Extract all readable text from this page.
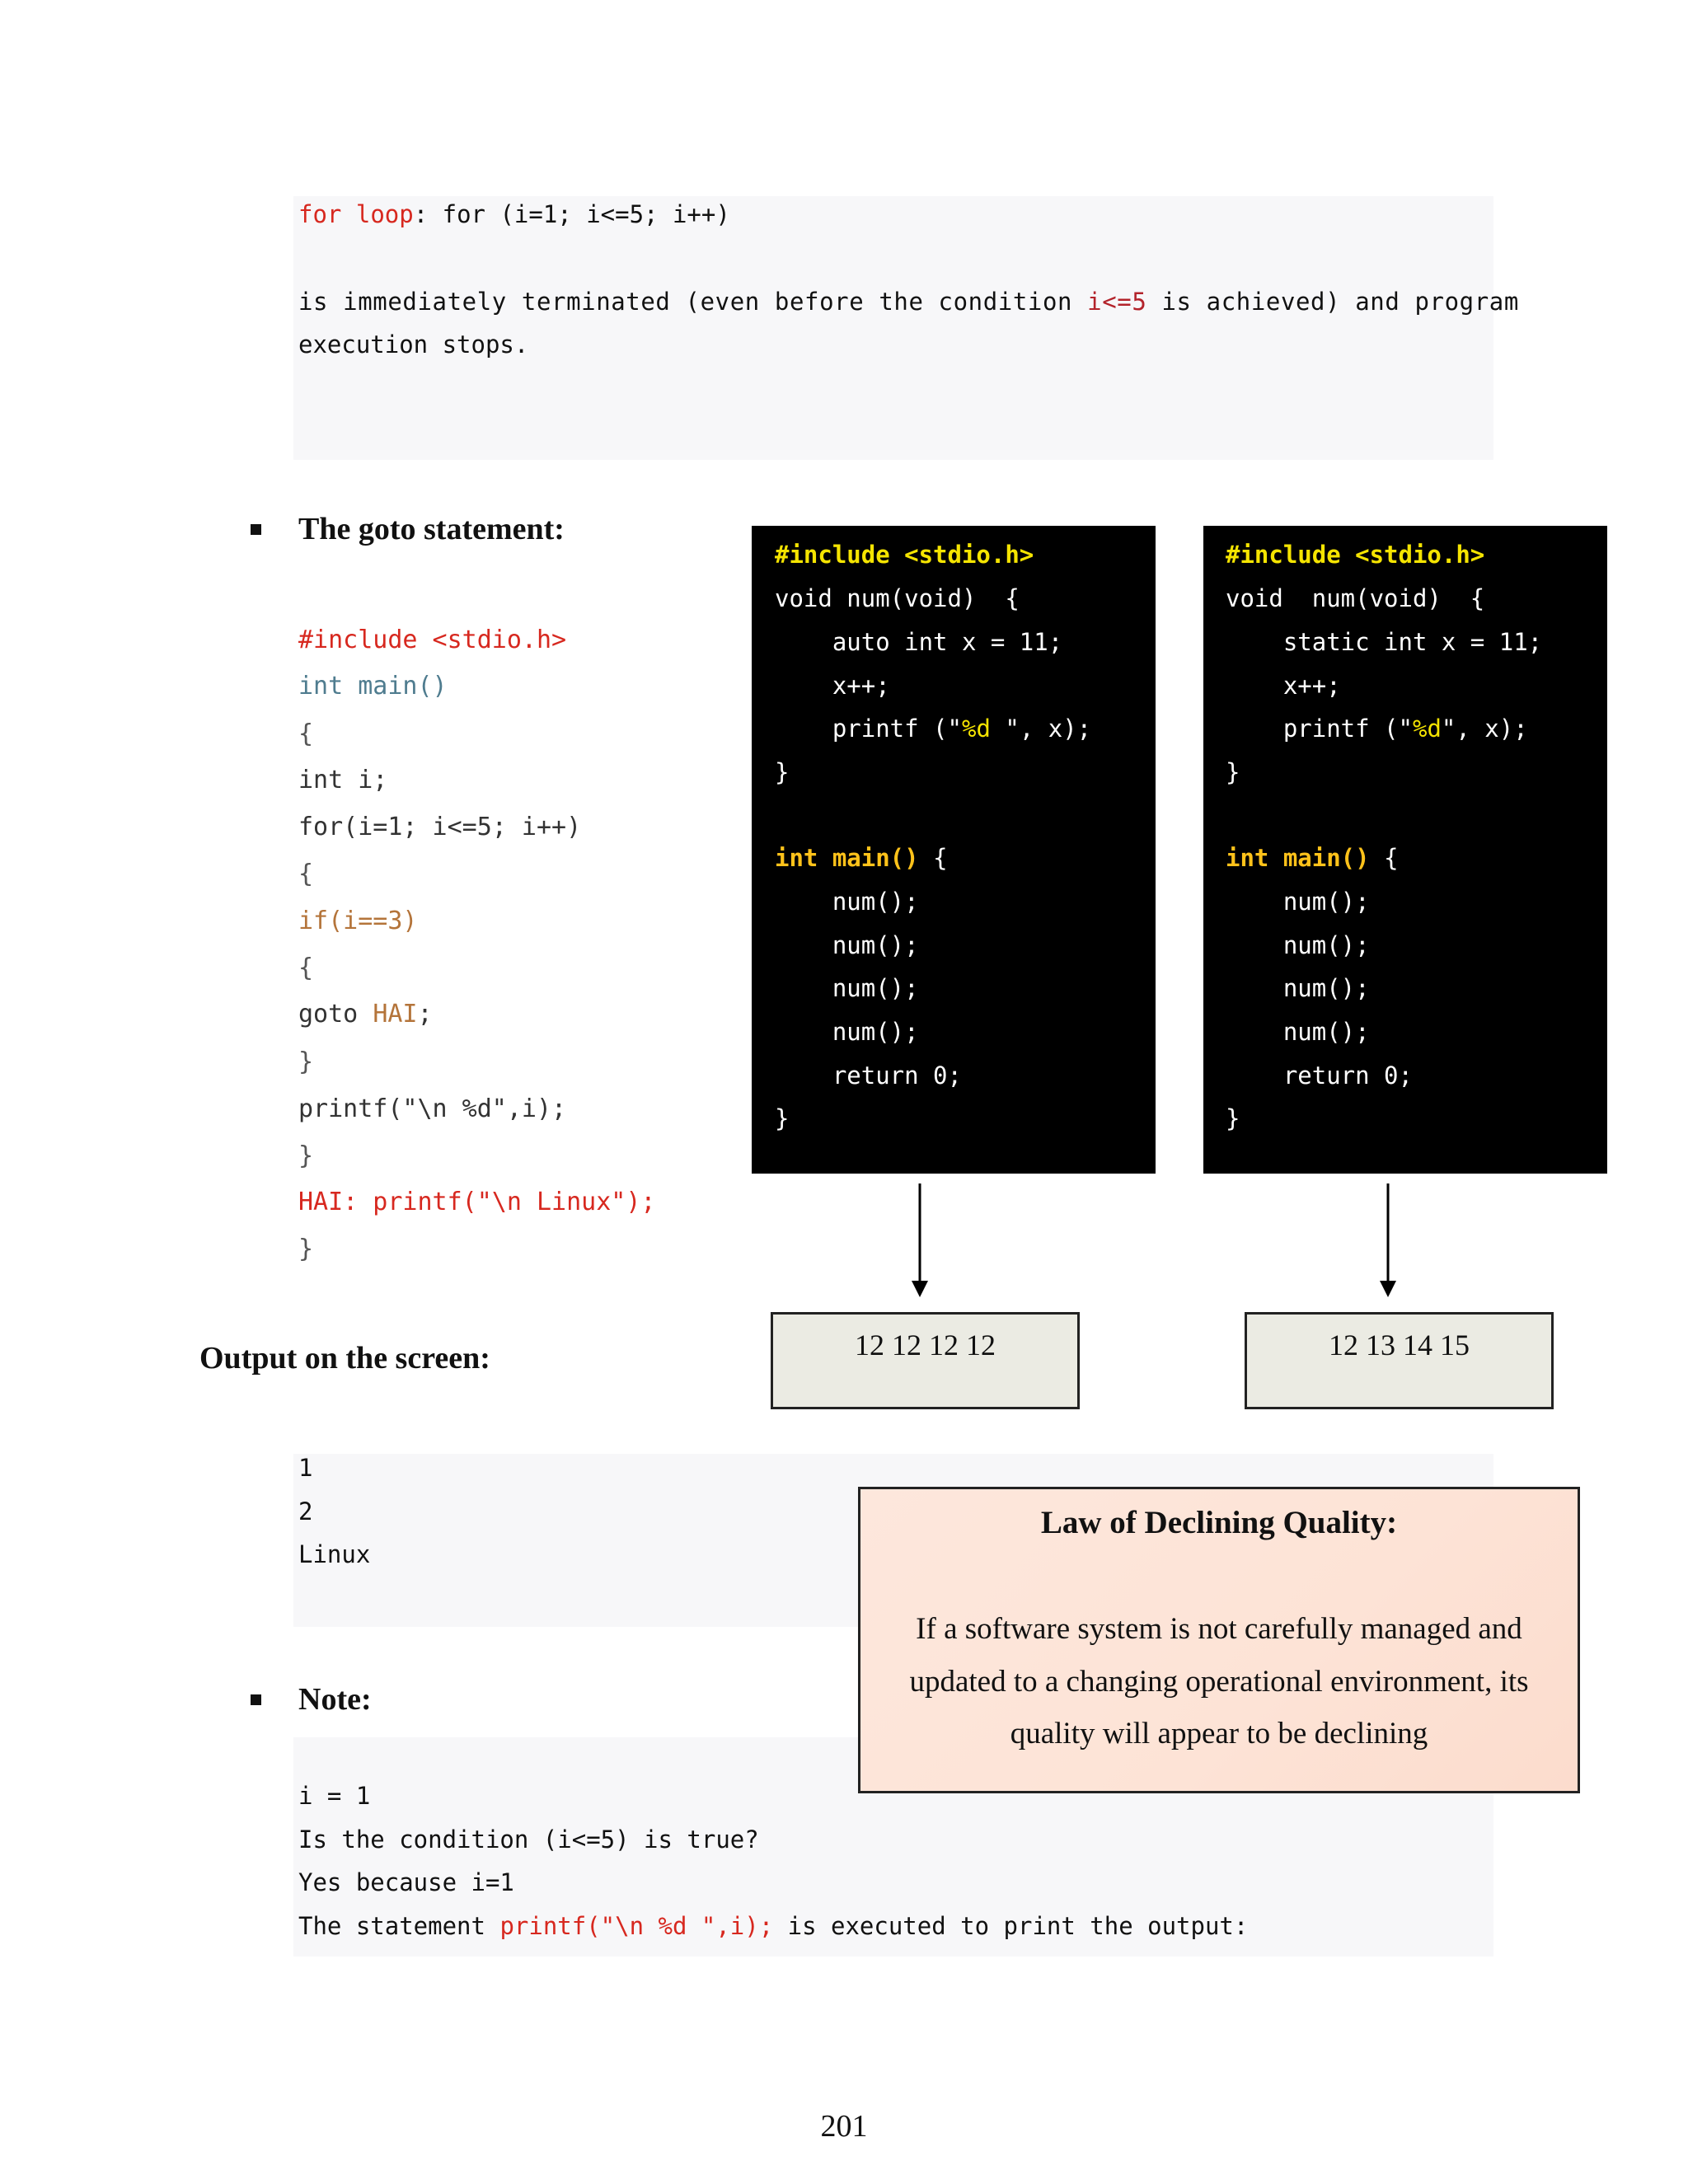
for loop: for (i=1; i<=5; i++)
is immediately terminated (even before the condition i<=5 is achieved) and program
execution stops.
The goto statement:
#include <stdio.h>
int main()
{
int i;
for(i=1; i<=5; i++)
{
if(i==3)
{
goto HAI;
}
printf("\n %d",i);
}
HAI: printf("\n Linux");
}
#include <stdio.h>
void num(void)  {
auto int x = 11;
x++;
printf ("%d ", x);
}
int main() {
num();
num();
num();
num();
return 0;
}
#include <stdio.h>
void  num(void)  {
static int x = 11;
x++;
printf ("%d", x);
}
int main() {
num();
num();
num();
num();
return 0;
}
12 12 12 12	12 13 14 15
Output on the screen:
1
2
Linux
Note:
i = 1
Is the condition (i<=5) is true?
Yes because i=1
The statement printf("\n %d ",i); is executed to print the output:
Law of Declining Quality:
If a software system is not carefully managed and
updated to a changing operational environment, its
quality will appear to be declining
201
